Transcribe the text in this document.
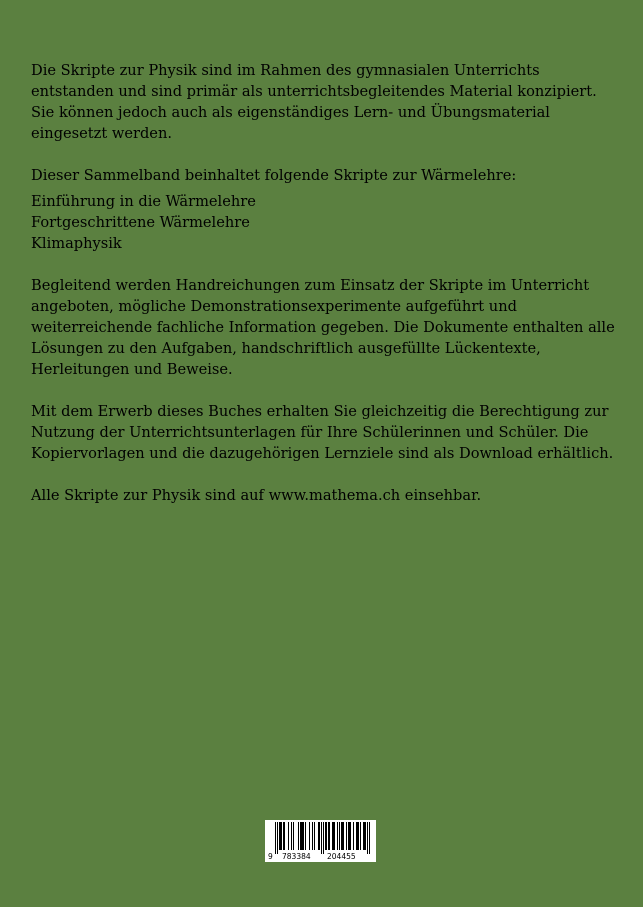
Die Skripte zur Physik sind im Rahmen des gymnasialen Unterrichts entstanden und sind primär als unterrichtsbegleitendes Material konzipiert. Sie können jedoch auch als eigenständiges Lern- und Übungsmaterial eingesetzt werden.

Dieser Sammelband beinhaltet folgende Skripte zur Wärmelehre:

Einführung in die Wärmelehre
Fortgeschrittene Wärmelehre
Klimaphysik

Begleitend werden Handreichungen zum Einsatz der Skripte im Unterricht angeboten, mögliche Demonstrationsexperimente aufgeführt und weiterreichende fachliche Information gegeben. Die Dokumente enthalten alle Lösungen zu den Aufgaben, handschriftlich ausgefüllte Lückentexte, Herleitungen und Beweise.

Mit dem Erwerb dieses Buches erhalten Sie gleichzeitig die Berechtigung zur Nutzung der Unterrichtsunterlagen für Ihre Schülerinnen und Schüler. Die Kopiervorlagen und die dazugehörigen Lernziele sind als Download erhältlich.

Alle Skripte zur Physik sind auf www.mathema.ch einsehbar.

9 783384 204455
